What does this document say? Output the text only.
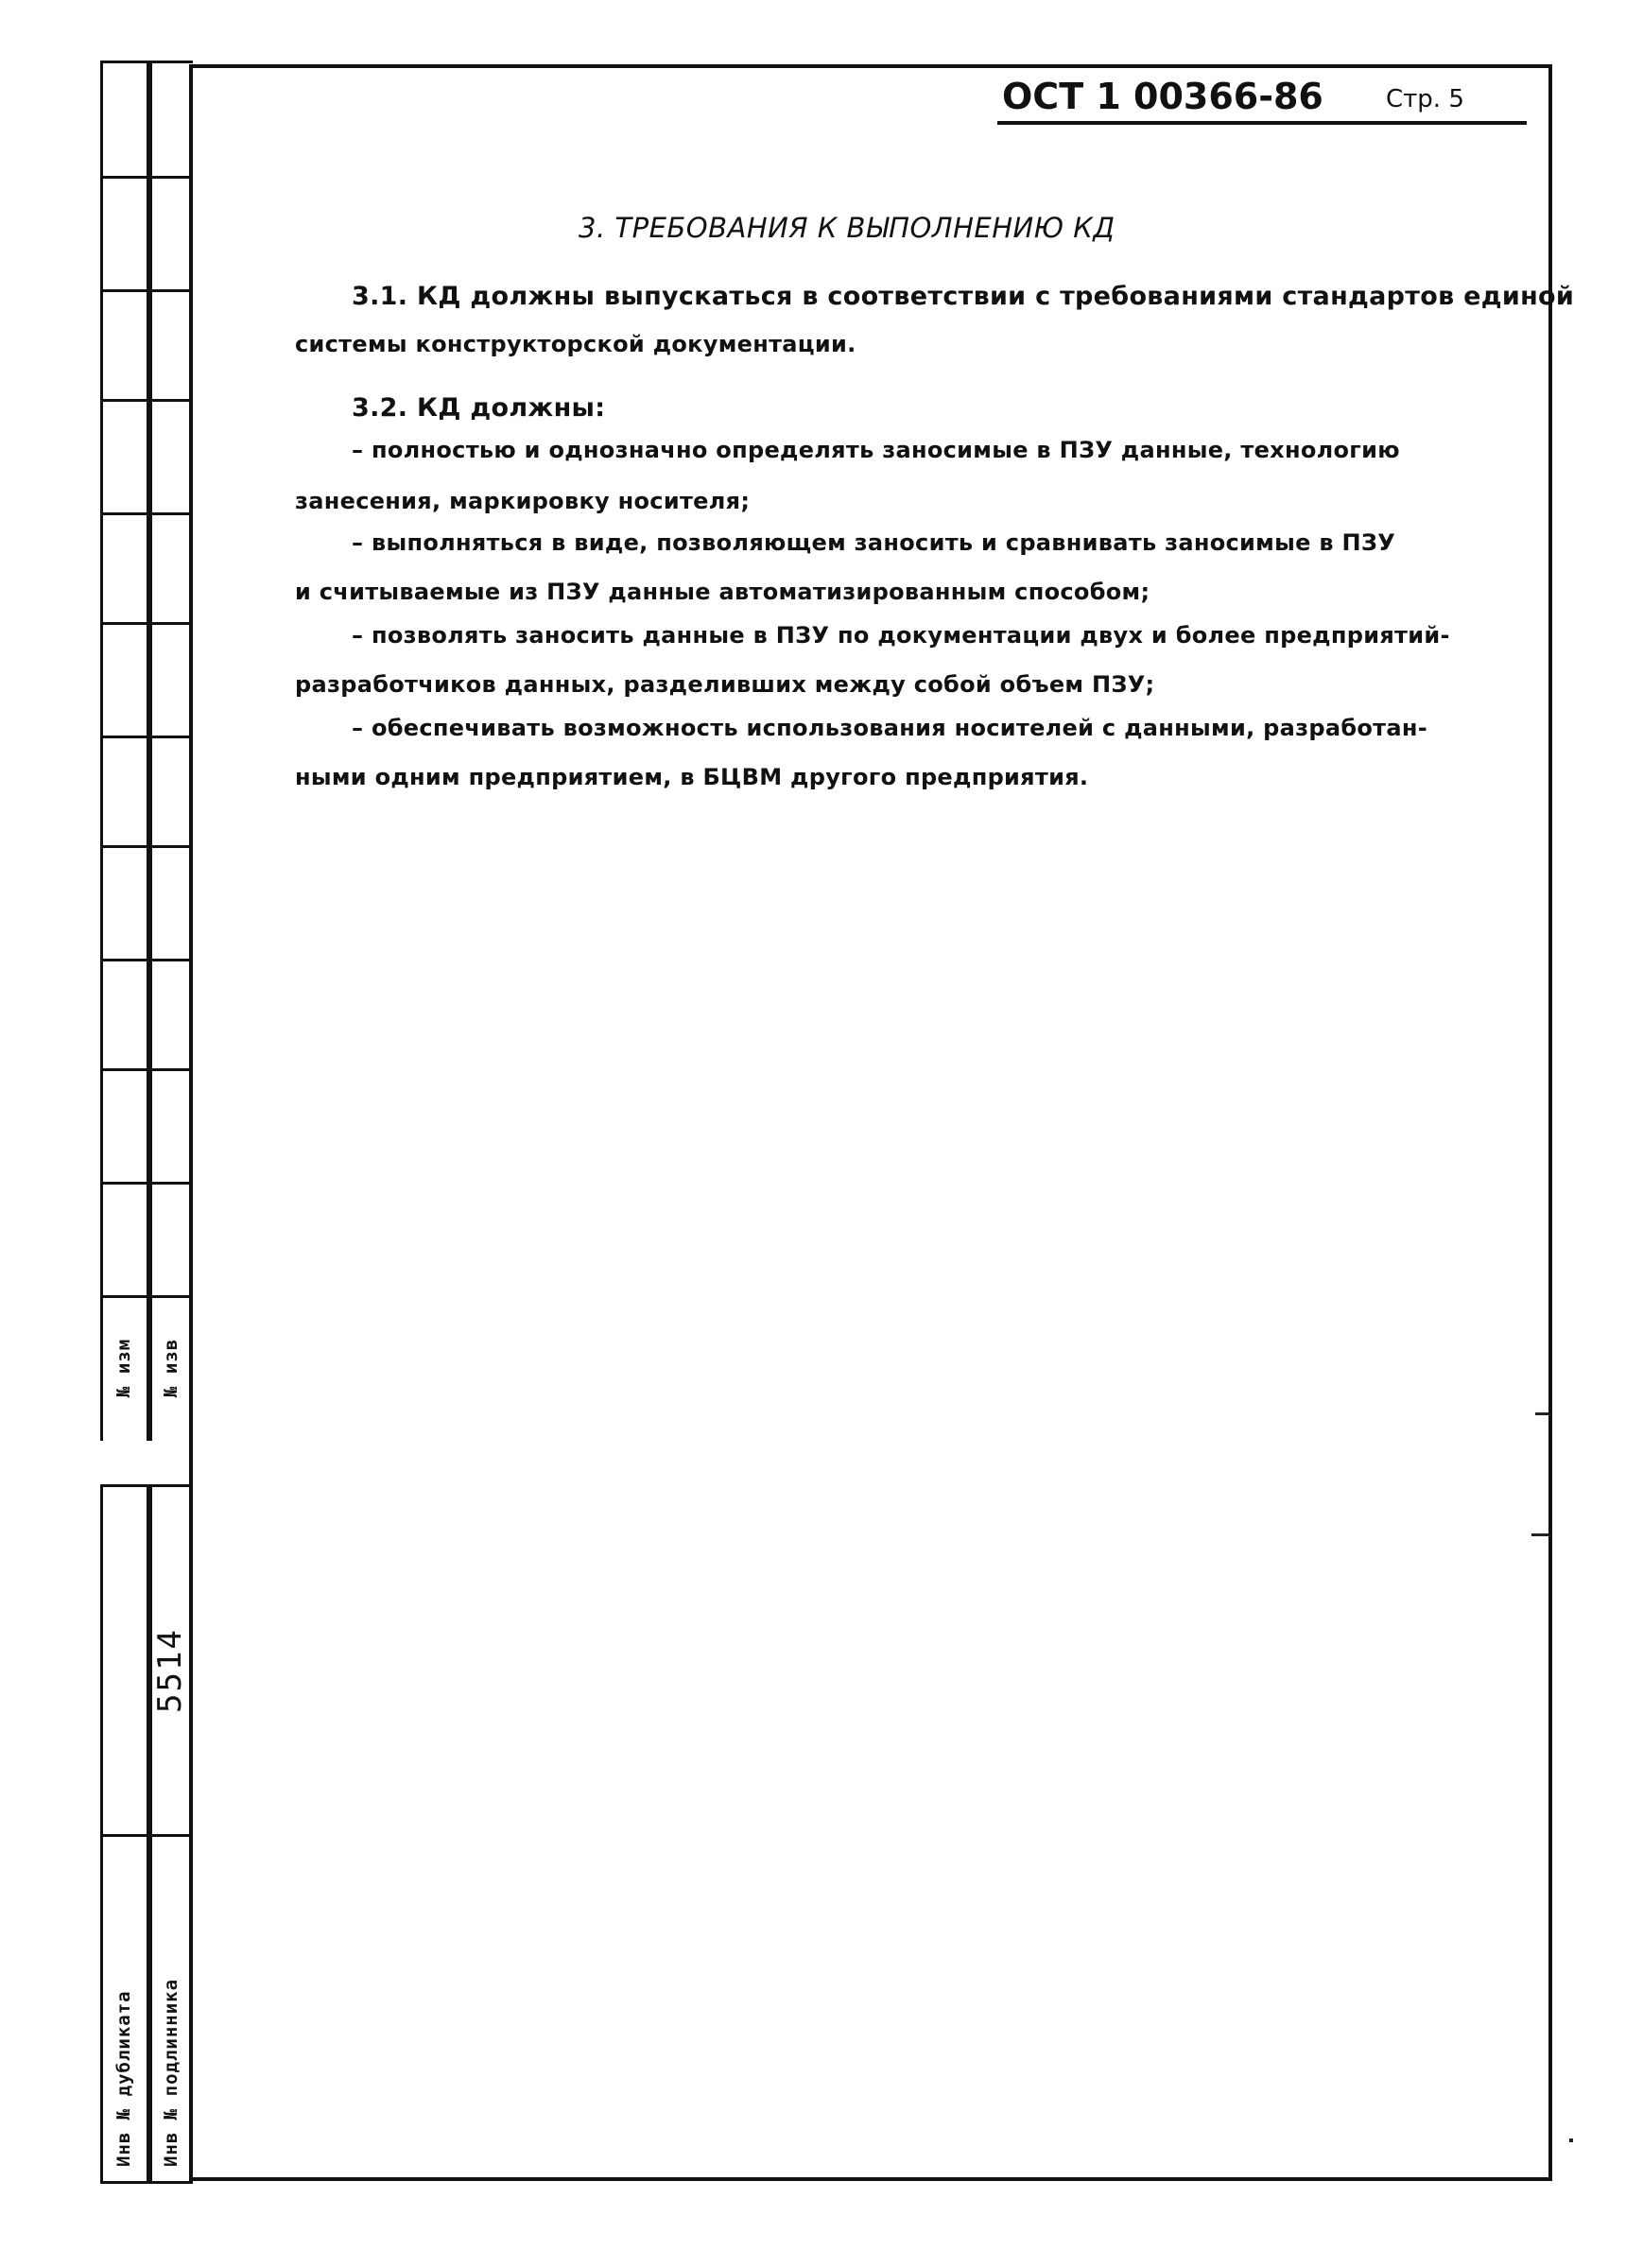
№ изм № изв
Инв № дубликата Инв № подлинника
5514
ОСТ 1 00366-86	Стр. 5
3. ТРЕБОВАНИЯ К ВЫПОЛНЕНИЮ КД
3.1. КД должны выпускаться в соответствии с требованиями стандартов единой
системы конструкторской документации.
3.2. КД должны:
– полностью и однозначно определять заносимые в ПЗУ данные, технологию
занесения, маркировку носителя;
– выполняться в виде, позволяющем заносить и сравнивать заносимые в ПЗУ
и считываемые из ПЗУ данные автоматизированным способом;
– позволять заносить данные в ПЗУ по документации двух и более предприятий-
разработчиков данных, разделивших между собой объем ПЗУ;
– обеспечивать возможность использования носителей с данными, разработан-
ными одним предприятием, в БЦВМ другого предприятия.
